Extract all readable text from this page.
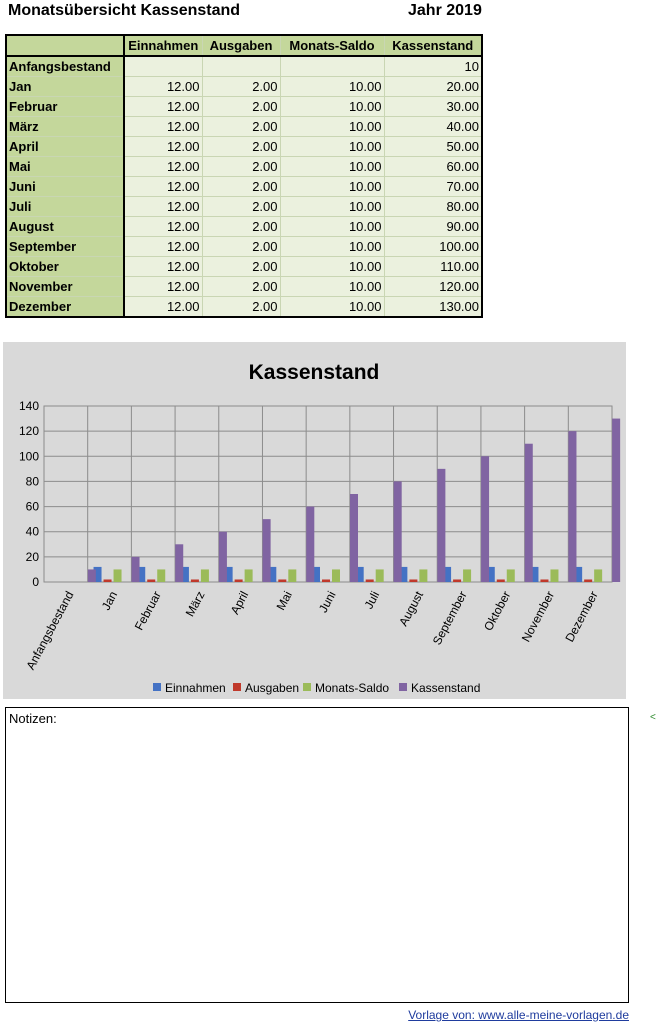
Monatsübersicht Kassenstand	Jahr 2019
	Einnahmen	Ausgaben	Monats-Saldo	Kassenstand
Anfangsbestand				10
Jan	12.00	2.00	10.00	20.00
Februar	12.00	2.00	10.00	30.00
März	12.00	2.00	10.00	40.00
April	12.00	2.00	10.00	50.00
Mai	12.00	2.00	10.00	60.00
Juni	12.00	2.00	10.00	70.00
Juli	12.00	2.00	10.00	80.00
August	12.00	2.00	10.00	90.00
September	12.00	2.00	10.00	100.00
Oktober	12.00	2.00	10.00	110.00
November	12.00	2.00	10.00	120.00
Dezember	12.00	2.00	10.00	130.00
Kassenstand
0
20
40
60
80
100
120
140
Anfangsbestand Jan Februar März April Mai Juni Juli August September Oktober November Dezember
Einnahmen Ausgaben Monats-Saldo Kassenstand
Notizen:	<
Vorlage von: www.alle-meine-vorlagen.de
